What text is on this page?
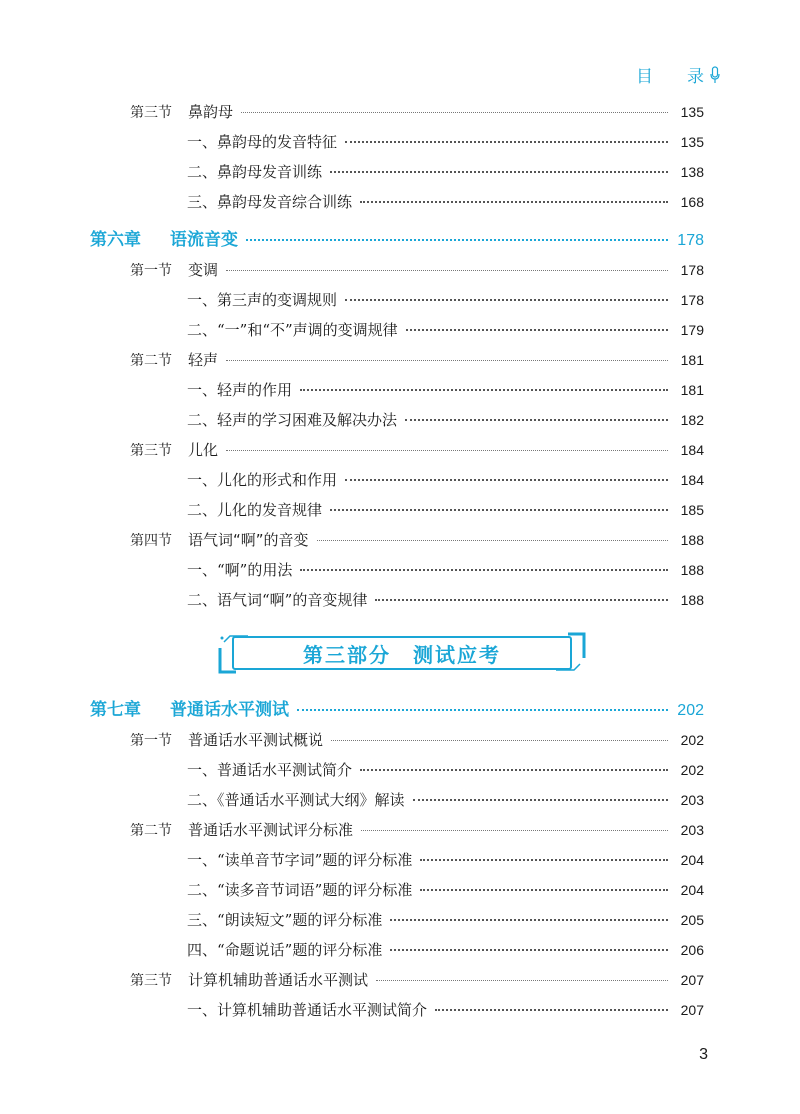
目 录
第三节 鼻韵母	135
一、鼻韵母的发音特征	135
二、鼻韵母发音训练	138
三、鼻韵母发音综合训练	168
第六章 语流音变	178
第一节 变调	178
一、第三声的变调规则	178
二、“一”和“不”声调的变调规律	179
第二节 轻声	181
一、轻声的作用	181
二、轻声的学习困难及解决办法	182
第三节 儿化	184
一、儿化的形式和作用	184
二、儿化的发音规律	185
第四节 语气词“啊”的音变	188
一、“啊”的用法	188
二、语气词“啊”的音变规律	188
第三部分　测试应考
第七章 普通话水平测试	202
第一节 普通话水平测试概说	202
一、普通话水平测试简介	202
二、《普通话水平测试大纲》解读	203
第二节 普通话水平测试评分标准	203
一、“读单音节字词”题的评分标准	204
二、“读多音节词语”题的评分标准	204
三、“朗读短文”题的评分标准	205
四、“命题说话”题的评分标准	206
第三节 计算机辅助普通话水平测试	207
一、计算机辅助普通话水平测试简介	207
3
